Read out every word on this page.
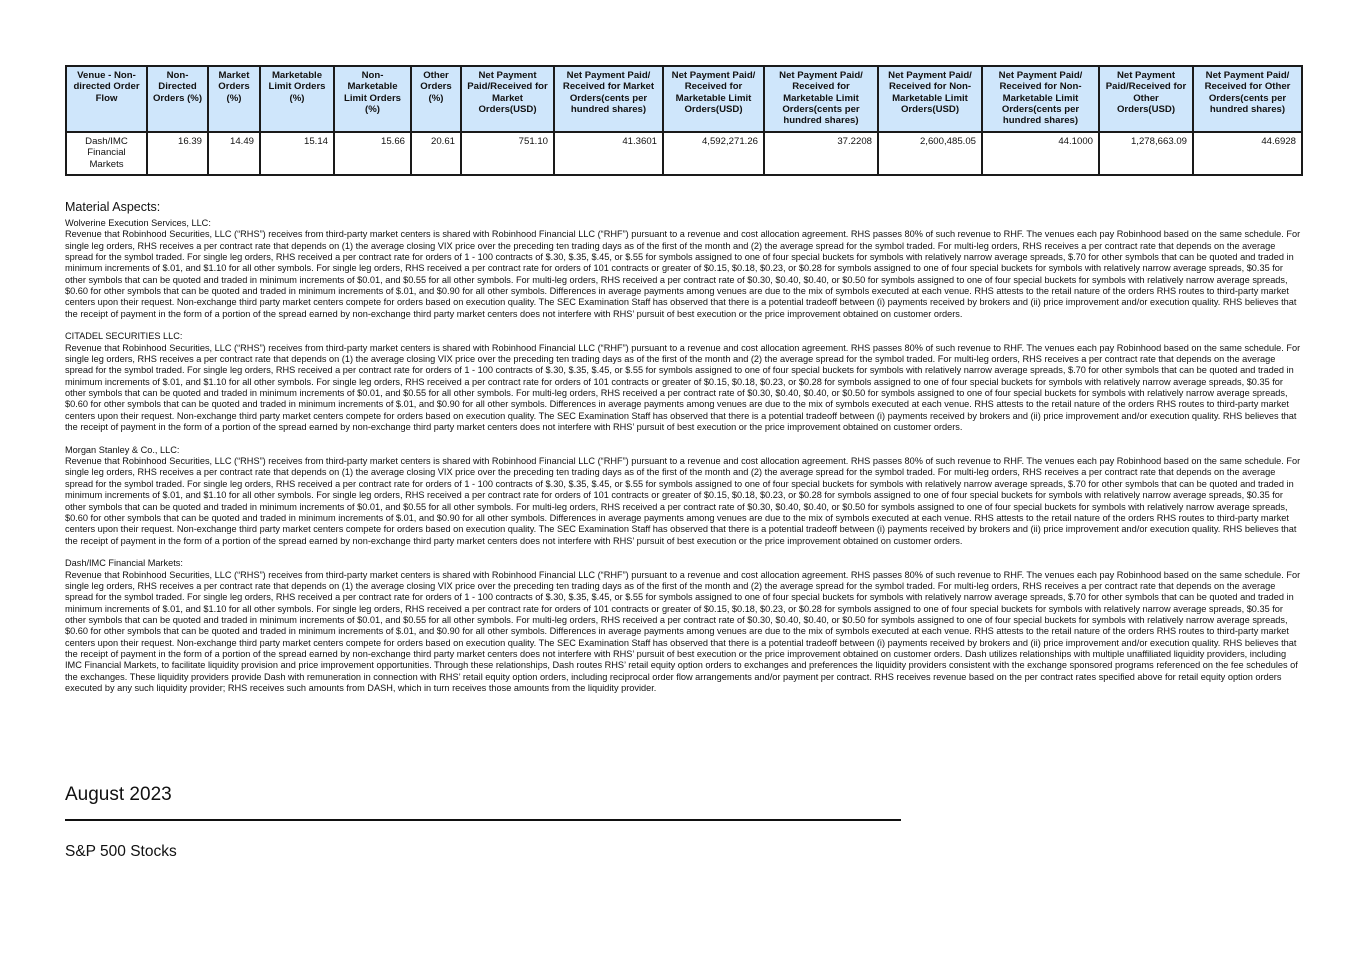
Venue - Non-directed Order Flow	Non-Directed Orders (%)	Market Orders (%)	Marketable Limit Orders (%)	Non-Marketable Limit Orders (%)	Other Orders (%)	Net Payment Paid/Received for Market Orders(USD)	Net Payment Paid/ Received for Market Orders(cents per hundred shares)	Net Payment Paid/ Received for Marketable Limit Orders(USD)	Net Payment Paid/ Received for Marketable Limit Orders(cents per hundred shares)	Net Payment Paid/ Received for Non-Marketable Limit Orders(USD)	Net Payment Paid/ Received for Non-Marketable Limit Orders(cents per hundred shares)	Net Payment Paid/Received for Other Orders(USD)	Net Payment Paid/ Received for Other Orders(cents per hundred shares)
Dash/IMC Financial Markets	16.39	14.49	15.14	15.66	20.61	751.10	41.3601	4,592,271.26	37.2208	2,600,485.05	44.1000	1,278,663.09	44.6928
Material Aspects:
Wolverine Execution Services, LLC:
Revenue that Robinhood Securities, LLC (“RHS”) receives from third-party market centers is shared with Robinhood Financial LLC (“RHF”) pursuant to a revenue and cost allocation agreement. RHS passes 80% of such revenue to RHF. The venues each pay Robinhood based on the same schedule. For single leg orders, RHS receives a per contract rate that depends on (1) the average closing VIX price over the preceding ten trading days as of the first of the month and (2) the average spread for the symbol traded. For multi-leg orders, RHS receives a per contract rate that depends on the average spread for the symbol traded. For single leg orders, RHS received a per contract rate for orders of 1 - 100 contracts of $.30, $.35, $.45, or $.55 for symbols assigned to one of four special buckets for symbols with relatively narrow average spreads, $.70 for other symbols that can be quoted and traded in minimum increments of $.01, and $1.10 for all other symbols. For single leg orders, RHS received a per contract rate for orders of 101 contracts or greater of $0.15, $0.18, $0.23, or $0.28 for symbols assigned to one of four special buckets for symbols with relatively narrow average spreads, $0.35 for other symbols that can be quoted and traded in minimum increments of $0.01, and $0.55 for all other symbols. For multi-leg orders, RHS received a per contract rate of $0.30, $0.40, $0.40, or $0.50 for symbols assigned to one of four special buckets for symbols with relatively narrow average spreads, $0.60 for other symbols that can be quoted and traded in minimum increments of $.01, and $0.90 for all other symbols. Differences in average payments among venues are due to the mix of symbols executed at each venue. RHS attests to the retail nature of the orders RHS routes to third-party market centers upon their request. Non-exchange third party market centers compete for orders based on execution quality. The SEC Examination Staff has observed that there is a potential tradeoff between (i) payments received by brokers and (ii) price improvement and/or execution quality. RHS believes that the receipt of payment in the form of a portion of the spread earned by non-exchange third party market centers does not interfere with RHS’ pursuit of best execution or the price improvement obtained on customer orders.
CITADEL SECURITIES LLC:
Revenue that Robinhood Securities, LLC (“RHS”) receives from third-party market centers is shared with Robinhood Financial LLC (“RHF”) pursuant to a revenue and cost allocation agreement. RHS passes 80% of such revenue to RHF. The venues each pay Robinhood based on the same schedule. For single leg orders, RHS receives a per contract rate that depends on (1) the average closing VIX price over the preceding ten trading days as of the first of the month and (2) the average spread for the symbol traded. For multi-leg orders, RHS receives a per contract rate that depends on the average spread for the symbol traded. For single leg orders, RHS received a per contract rate for orders of 1 - 100 contracts of $.30, $.35, $.45, or $.55 for symbols assigned to one of four special buckets for symbols with relatively narrow average spreads, $.70 for other symbols that can be quoted and traded in minimum increments of $.01, and $1.10 for all other symbols. For single leg orders, RHS received a per contract rate for orders of 101 contracts or greater of $0.15, $0.18, $0.23, or $0.28 for symbols assigned to one of four special buckets for symbols with relatively narrow average spreads, $0.35 for other symbols that can be quoted and traded in minimum increments of $0.01, and $0.55 for all other symbols. For multi-leg orders, RHS received a per contract rate of $0.30, $0.40, $0.40, or $0.50 for symbols assigned to one of four special buckets for symbols with relatively narrow average spreads, $0.60 for other symbols that can be quoted and traded in minimum increments of $.01, and $0.90 for all other symbols. Differences in average payments among venues are due to the mix of symbols executed at each venue. RHS attests to the retail nature of the orders RHS routes to third-party market centers upon their request. Non-exchange third party market centers compete for orders based on execution quality. The SEC Examination Staff has observed that there is a potential tradeoff between (i) payments received by brokers and (ii) price improvement and/or execution quality. RHS believes that the receipt of payment in the form of a portion of the spread earned by non-exchange third party market centers does not interfere with RHS’ pursuit of best execution or the price improvement obtained on customer orders.
Morgan Stanley & Co., LLC:
Revenue that Robinhood Securities, LLC (“RHS”) receives from third-party market centers is shared with Robinhood Financial LLC (“RHF”) pursuant to a revenue and cost allocation agreement. RHS passes 80% of such revenue to RHF. The venues each pay Robinhood based on the same schedule. For single leg orders, RHS receives a per contract rate that depends on (1) the average closing VIX price over the preceding ten trading days as of the first of the month and (2) the average spread for the symbol traded. For multi-leg orders, RHS receives a per contract rate that depends on the average spread for the symbol traded. For single leg orders, RHS received a per contract rate for orders of 1 - 100 contracts of $.30, $.35, $.45, or $.55 for symbols assigned to one of four special buckets for symbols with relatively narrow average spreads, $.70 for other symbols that can be quoted and traded in minimum increments of $.01, and $1.10 for all other symbols. For single leg orders, RHS received a per contract rate for orders of 101 contracts or greater of $0.15, $0.18, $0.23, or $0.28 for symbols assigned to one of four special buckets for symbols with relatively narrow average spreads, $0.35 for other symbols that can be quoted and traded in minimum increments of $0.01, and $0.55 for all other symbols. For multi-leg orders, RHS received a per contract rate of $0.30, $0.40, $0.40, or $0.50 for symbols assigned to one of four special buckets for symbols with relatively narrow average spreads, $0.60 for other symbols that can be quoted and traded in minimum increments of $.01, and $0.90 for all other symbols. Differences in average payments among venues are due to the mix of symbols executed at each venue. RHS attests to the retail nature of the orders RHS routes to third-party market centers upon their request. Non-exchange third party market centers compete for orders based on execution quality. The SEC Examination Staff has observed that there is a potential tradeoff between (i) payments received by brokers and (ii) price improvement and/or execution quality. RHS believes that the receipt of payment in the form of a portion of the spread earned by non-exchange third party market centers does not interfere with RHS’ pursuit of best execution or the price improvement obtained on customer orders.
Dash/IMC Financial Markets:
Revenue that Robinhood Securities, LLC (“RHS”) receives from third-party market centers is shared with Robinhood Financial LLC (“RHF”) pursuant to a revenue and cost allocation agreement. RHS passes 80% of such revenue to RHF. The venues each pay Robinhood based on the same schedule. For single leg orders, RHS receives a per contract rate that depends on (1) the average closing VIX price over the preceding ten trading days as of the first of the month and (2) the average spread for the symbol traded. For multi-leg orders, RHS receives a per contract rate that depends on the average spread for the symbol traded. For single leg orders, RHS received a per contract rate for orders of 1 - 100 contracts of $.30, $.35, $.45, or $.55 for symbols assigned to one of four special buckets for symbols with relatively narrow average spreads, $.70 for other symbols that can be quoted and traded in minimum increments of $.01, and $1.10 for all other symbols. For single leg orders, RHS received a per contract rate for orders of 101 contracts or greater of $0.15, $0.18, $0.23, or $0.28 for symbols assigned to one of four special buckets for symbols with relatively narrow average spreads, $0.35 for other symbols that can be quoted and traded in minimum increments of $0.01, and $0.55 for all other symbols. For multi-leg orders, RHS received a per contract rate of $0.30, $0.40, $0.40, or $0.50 for symbols assigned to one of four special buckets for symbols with relatively narrow average spreads, $0.60 for other symbols that can be quoted and traded in minimum increments of $.01, and $0.90 for all other symbols. Differences in average payments among venues are due to the mix of symbols executed at each venue. RHS attests to the retail nature of the orders RHS routes to third-party market centers upon their request. Non-exchange third party market centers compete for orders based on execution quality. The SEC Examination Staff has observed that there is a potential tradeoff between (i) payments received by brokers and (ii) price improvement and/or execution quality. RHS believes that the receipt of payment in the form of a portion of the spread earned by non-exchange third party market centers does not interfere with RHS’ pursuit of best execution or the price improvement obtained on customer orders. Dash utilizes relationships with multiple unaffiliated liquidity providers, including IMC Financial Markets, to facilitate liquidity provision and price improvement opportunities. Through these relationships, Dash routes RHS’ retail equity option orders to exchanges and preferences the liquidity providers consistent with the exchange sponsored programs referenced on the fee schedules of the exchanges. These liquidity providers provide Dash with remuneration in connection with RHS’ retail equity option orders, including reciprocal order flow arrangements and/or payment per contract. RHS receives revenue based on the per contract rates specified above for retail equity option orders executed by any such liquidity provider; RHS receives such amounts from DASH, which in turn receives those amounts from the liquidity provider.
August 2023
S&P 500 Stocks
